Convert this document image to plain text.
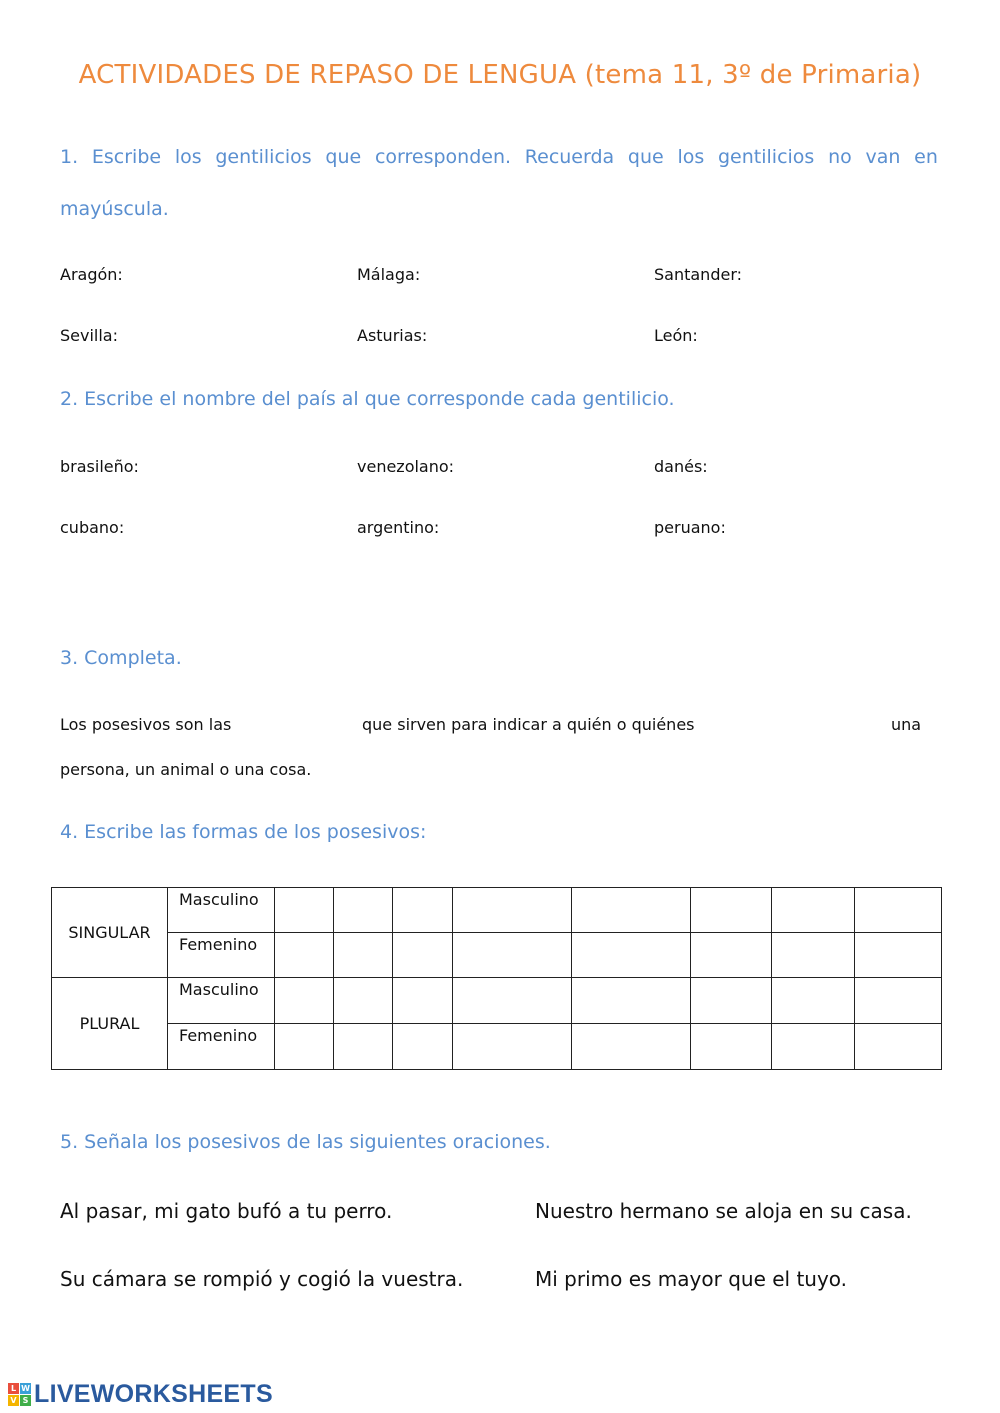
ACTIVIDADES DE REPASO DE LENGUA (tema 11, 3º de Primaria)
1. Escribe los gentilicios que corresponden. Recuerda que los gentilicios no van en
mayúscula.
Aragón:	Málaga:	Santander:
Sevilla:	Asturias:	León:
2. Escribe el nombre del país al que corresponde cada gentilicio.
brasileño:	venezolano:	danés:
cubano:	argentino:	peruano:
3. Completa.
Los posesivos son las	que sirven para indicar a quién o quiénes	una
persona, un animal o una cosa.
4. Escribe las formas de los posesivos:
SINGULAR	Masculino								
	Femenino								
PLURAL	Masculino								
	Femenino								
5. Señala los posesivos de las siguientes oraciones.
Al pasar, mi gato bufó a tu perro.	Nuestro hermano se aloja en su casa.
Su cámara se rompió y cogió la vuestra.	Mi primo es mayor que el tuyo.
L W
V S LIVEWORKSHEETS
